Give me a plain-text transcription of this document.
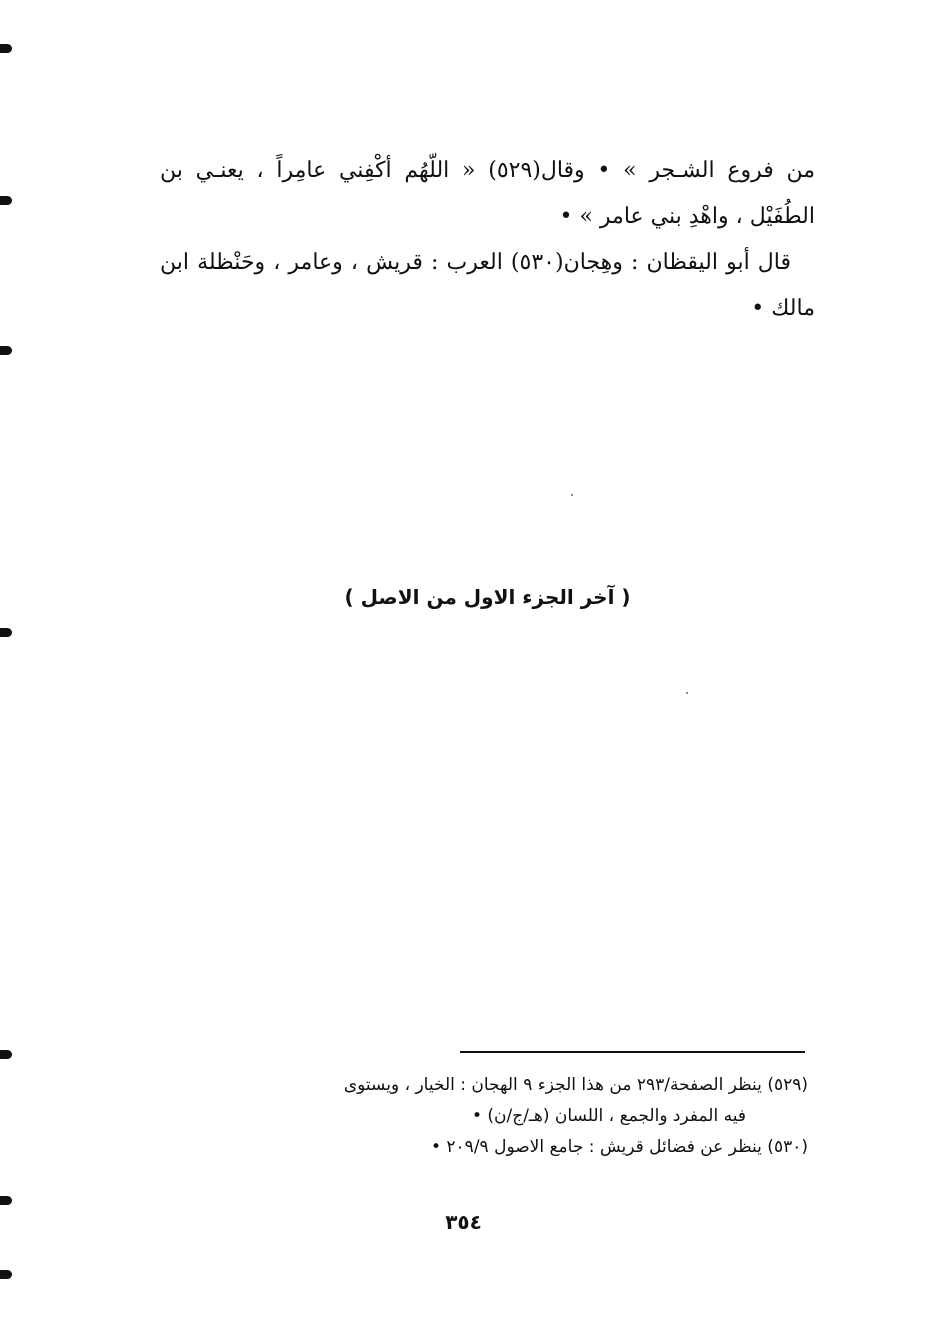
من فروع الشـجر » • وقال(٥٢٩) « اللّهُم أكْفِني عامِراً ، يعنـي بن الطُفَيْل ، واهْدِ بني عامر » •

قال أبو اليقظان : وهِجان(٥٣٠) العرب : قريش ، وعامر ، وحَنْظلة ابن مالك •

( آخر الجزء الاول من الاصل )

(٥٢٩) ينظر الصفحة/٢٩٣ من هذا الجزء ٩ الهجان : الخيار ، ويستوى

فيه المفرد والجمع ، اللسان (هـ/ج/ن) •

(٥٣٠) ينظر عن فضائل قريش : جامع الاصول ٢٠٩/٩ •

٣٥٤
